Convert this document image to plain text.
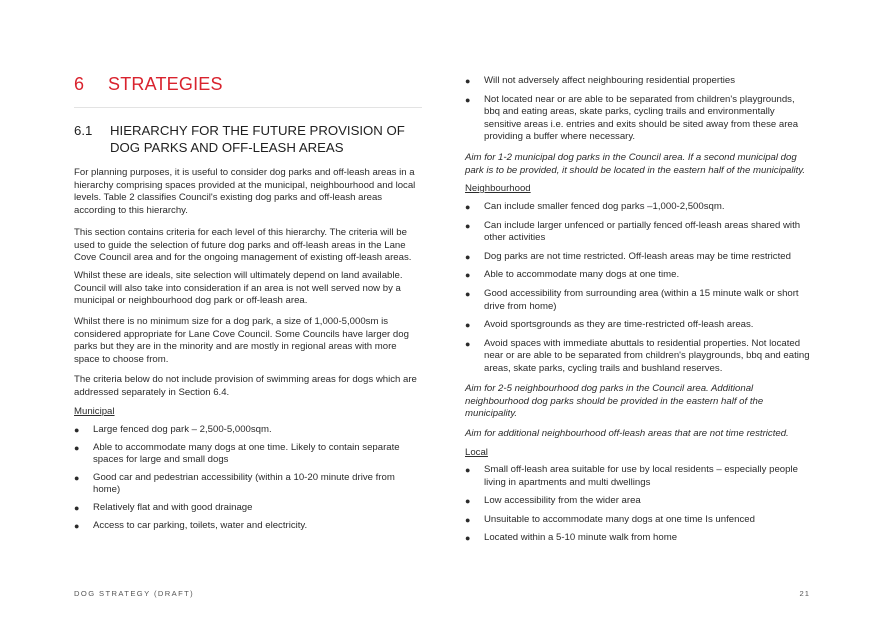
6 STRATEGIES
6.1 HIERARCHY FOR THE FUTURE PROVISION OF DOG PARKS AND OFF-LEASH AREAS
For planning purposes, it is useful to consider dog parks and off-leash areas in a hierarchy comprising spaces provided at the municipal, neighbourhood and local levels. Table 2 classifies Council's existing dog parks and off-leash areas according to this hierarchy.
This section contains criteria for each level of this hierarchy. The criteria will be used to guide the selection of future dog parks and off-leash areas in the Lane Cove Council area and for the ongoing management of existing off-leash areas.
Whilst these are ideals, site selection will ultimately depend on land available. Council will also take into consideration if an area is not well served now by a municipal or neighbourhood dog park or off-leash area.
Whilst there is no minimum size for a dog park, a size of 1,000-5,000sm is considered appropriate for Lane Cove Council. Some Councils have larger dog parks but they are in the minority and are mostly in regional areas with more space to choose from.
The criteria below do not include provision of swimming areas for dogs which are addressed separately in Section 6.4.
Municipal
● Large fenced dog park – 2,500-5,000sqm.
● Able to accommodate many dogs at one time. Likely to contain separate spaces for large and small dogs
● Good car and pedestrian accessibility (within a 10-20 minute drive from home)
● Relatively flat and with good drainage
● Access to car parking, toilets, water and electricity.
● Will not adversely affect neighbouring residential properties
● Not located near or are able to be separated from children's playgrounds, bbq and eating areas, skate parks, cycling trails and environmentally sensitive areas i.e. entries and exits should be sited away from these area providing a buffer where necessary.
Aim for 1-2 municipal dog parks in the Council area. If a second municipal dog park is to be provided, it should be located in the eastern half of the municipality.
Neighbourhood
● Can include smaller fenced dog parks –1,000-2,500sqm.
● Can include larger unfenced or partially fenced off-leash areas shared with other activities
● Dog parks are not time restricted. Off-leash areas may be time restricted
● Able to accommodate many dogs at one time.
● Good accessibility from surrounding area (within a 15 minute walk or short drive from home)
● Avoid sportsgrounds as they are time-restricted off-leash areas.
● Avoid spaces with immediate abuttals to residential properties. Not located near or are able to be separated from children's playgrounds, bbq and eating areas, skate parks, cycling trails and bushland reserves.
Aim for 2-5 neighbourhood dog parks in the Council area. Additional neighbourhood dog parks should be provided in the eastern half of the municipality.
Aim for additional neighbourhood off-leash areas that are not time restricted.
Local
● Small off-leash area suitable for use by local residents – especially people living in apartments and multi dwellings
● Low accessibility from the wider area
● Unsuitable to accommodate many dogs at one time Is unfenced
● Located within a 5-10 minute walk from home
DOG STRATEGY (DRAFT)	21
